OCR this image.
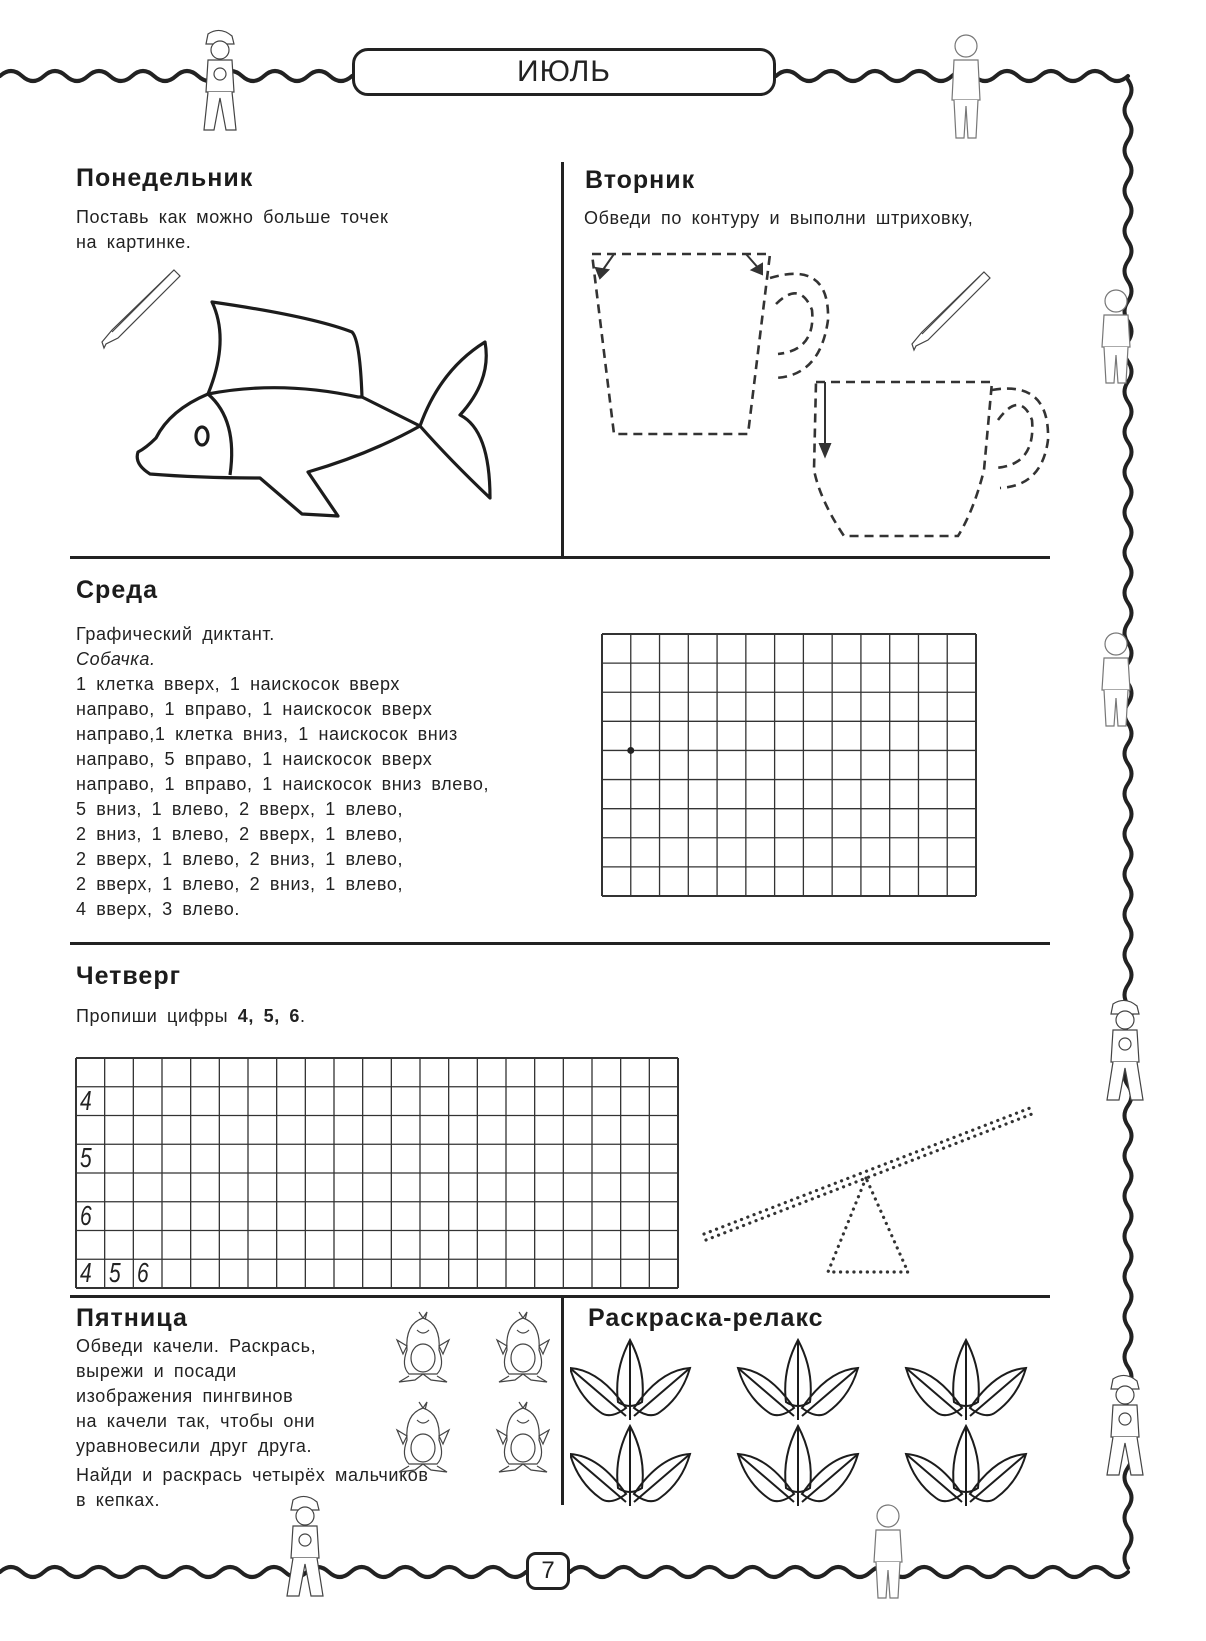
ИЮЛЬ
Понедельник
Поставь как можно больше точек
на картинке.
Вторник
Обведи по контуру и выполни штриховку,
Среда
Графический диктант.
Собачка.
1 клетка вверх, 1 наискосок вверх
направо, 1 вправо, 1 наискосок вверх
направо,1 клетка вниз, 1 наискосок вниз
направо, 5 вправо, 1 наискосок вверх
направо, 1 вправо, 1 наискосок вниз влево,
5 вниз, 1 влево, 2 вверх, 1 влево,
2 вниз, 1 влево, 2 вверх, 1 влево,
2 вверх, 1 влево, 2 вниз, 1 влево,
2 вверх, 1 влево, 2 вниз, 1 влево,
4 вверх, 3 влево.
Четверг
Пропиши цифры 4, 5, 6.
4
5
6
4 5 6
Пятница
Обведи качели. Раскрась,
вырежи и посади
изображения пингвинов
на качели так, чтобы они
уравновесили друг друга.
Найди и раскрась четырёх мальчиков
в кепках.
Раскраска-релакс
7
